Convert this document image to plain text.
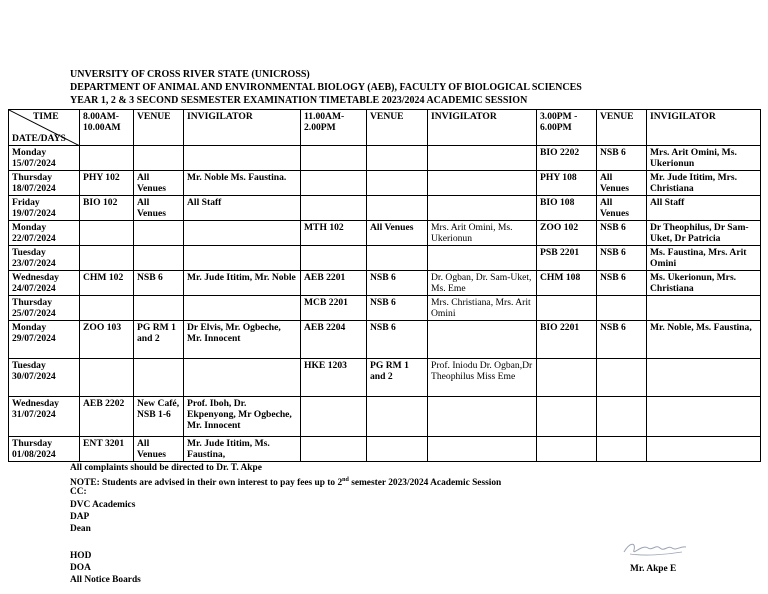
UNVERSITY OF CROSS RIVER STATE (UNICROSS)
DEPARTMENT OF ANIMAL AND ENVIRONMENTAL BIOLOGY (AEB), FACULTY OF BIOLOGICAL SCIENCES
YEAR 1, 2 & 3 SECOND SESMESTER EXAMINATION TIMETABLE 2023/2024 ACADEMIC SESSION
TIME
DATE/DAYS	8.00AM-10.00AM	VENUE	INVIGILATOR	11.00AM-2.00PM	VENUE	INVIGILATOR	3.00PM - 6.00PM	VENUE	INVIGILATOR
Monday 15/07/2024							BIO 2202	NSB 6	Mrs. Arit Omini, Ms. Ukerionun
Thursday 18/07/2024	PHY 102	All Venues	Mr. Noble Ms. Faustina.				PHY 108	All Venues	Mr. Jude Ititim, Mrs. Christiana
Friday 19/07/2024	BIO 102	All Venues	All Staff				BIO 108	All Venues	All Staff
Monday 22/07/2024				MTH 102	All Venues	Mrs. Arit Omini, Ms. Ukerionun	ZOO 102	NSB 6	Dr Theophilus, Dr Sam-Uket, Dr Patricia
Tuesday 23/07/2024							PSB 2201	NSB 6	Ms. Faustina, Mrs. Arit Omini
Wednesday 24/07/2024	CHM 102	NSB 6	Mr. Jude Ititim, Mr. Noble	AEB 2201	NSB 6	Dr. Ogban, Dr. Sam-Uket, Ms. Eme	CHM 108	NSB 6	Ms. Ukerionun, Mrs. Christiana
Thursday 25/07/2024				MCB 2201	NSB 6	Mrs. Christiana, Mrs. Arit Omini			
Monday 29/07/2024	ZOO 103	PG RM 1 and 2	Dr Elvis, Mr. Ogbeche, Mr. Innocent	AEB 2204	NSB 6		BIO 2201	NSB 6	Mr. Noble, Ms. Faustina,
Tuesday 30/07/2024				HKE 1203	PG RM 1 and 2	Prof. Iniodu Dr. Ogban,Dr Theophilus Miss Eme			
Wednesday 31/07/2024	AEB 2202	New Café, NSB 1-6	Prof. Iboh, Dr. Ekpenyong, Mr Ogbeche, Mr. Innocent						
Thursday 01/08/2024	ENT 3201	All Venues	Mr. Jude Ititim, Ms. Faustina,						
All complaints should be directed to Dr. T. Akpe
NOTE: Students are advised in their own interest to pay fees up to 2nd semester 2023/2024 Academic Session
CC:
DVC Academics
DAP
Dean
HOD
DOA
All Notice Boards
Mr. Akpe E
